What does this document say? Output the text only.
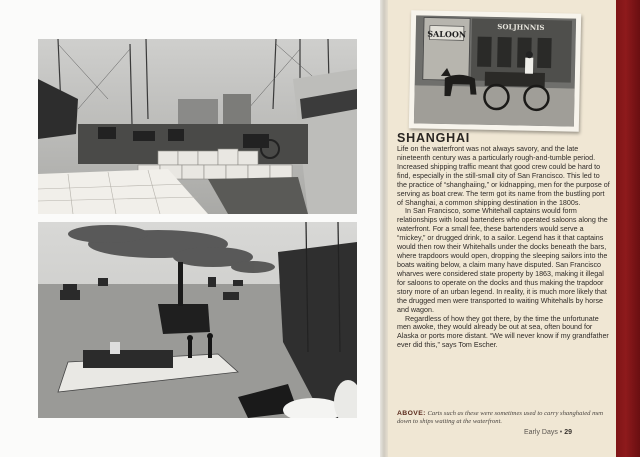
SALOON
SOLJHNNIS
SHANGHAI

Life on the waterfront was not always savory, and the late nineteenth century was a particularly rough-and-tumble period. Increased shipping traffic meant that good crew could be hard to find, especially in the still-small city of San Francisco. This led to the practice of “shanghaiing,” or kidnapping, men for the purpose of serving as boat crew. The term got its name from the bustling port of Shanghai, a common shipping destination in the 1800s.

In San Francisco, some Whitehall captains would form relationships with local bartenders who operated saloons along the waterfront. For a small fee, these bartenders would serve a “mickey,” or drugged drink, to a sailor. Legend has it that captains would then row their Whitehalls under the docks beneath the bars, where trapdoors would open, dropping the sleeping sailors into the boats waiting below, a claim many have disputed. San Francisco wharves were considered state property by 1863, making it illegal for saloons to operate on the docks and thus making the trapdoor story more of an urban legend. In reality, it is much more likely that the drugged men were transported to waiting Whitehalls by horse and wagon.

Regardless of how they got there, by the time the unfortunate men awoke, they would already be out at sea, often bound for Alaska or ports more distant. “We will never know if my grandfather ever did this,” says Tom Escher.

ABOVE: Carts such as these were sometimes used to carry shanghaied men down to ships waiting at the waterfront.
Early Days • 29
